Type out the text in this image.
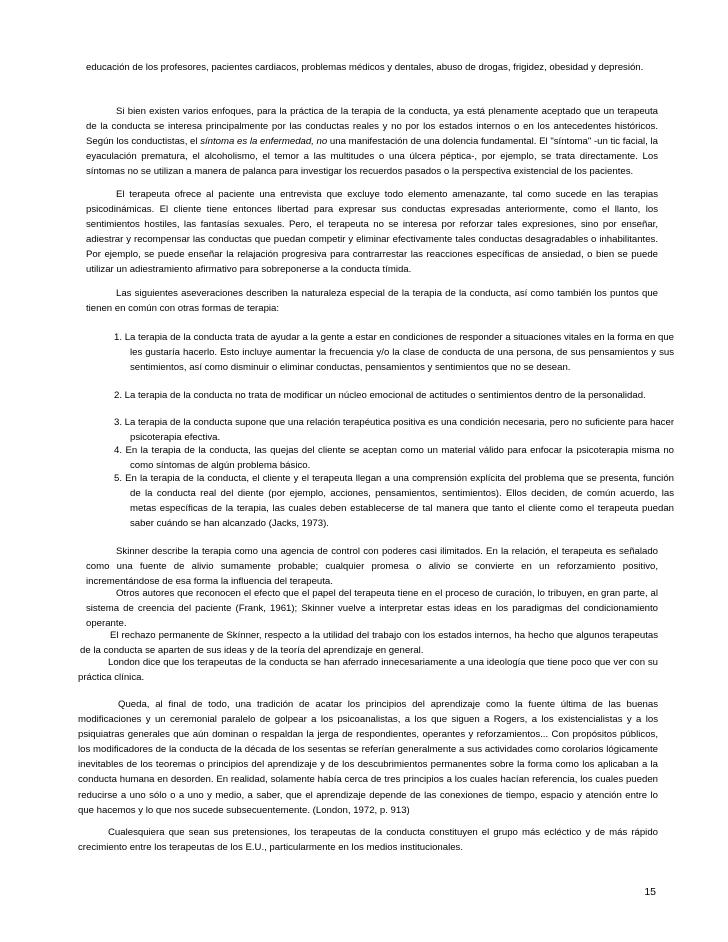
educación de los profesores, pacientes cardiacos, problemas médicos y dentales, abuso de drogas, frigidez, obesidad y depresión.

Si bien existen varios enfoques, para la práctica de la terapia de la conducta, ya está plenamente aceptado que un terapeuta de la conducta se interesa principalmente por las conductas reales y no por los estados internos o en los antecedentes históricos. Según los conductistas, el síntoma es la enfermedad, no una manifestación de una dolencia fundamental. El "síntoma" -un tic facial, la eyaculación prematura, el alcoholismo, el temor a las multitudes o una úlcera péptica-, por ejemplo, se trata directamente. Los síntomas no se utilizan a manera de palanca para investigar los recuerdos pasados o la perspectiva existencial de los pacientes.

El terapeuta ofrece al paciente una entrevista que excluye todo elemento amenazante, tal como sucede en las terapias psicodinámicas. El cliente tiene entonces libertad para expresar sus conductas expresadas anteriormente, como el llanto, los sentimientos hostiles, las fantasías sexuales. Pero, el terapeuta no se interesa por reforzar tales expresiones, sino por enseñar, adiestrar y recompensar las conductas que puedan competir y eliminar efectivamente tales conductas desagradables o inhabilitantes. Por ejemplo, se puede enseñar la relajación progresiva para contrarrestar las reacciones específicas de ansiedad, o bien se puede utilizar un adiestramiento afirmativo para sobreponerse a la conducta tímida.

Las siguientes aseveraciones describen la naturaleza especial de la terapia de la conducta, así como también los puntos que tienen en común con otras formas de terapia:

1. La terapia de la conducta trata de ayudar a la gente a estar en condiciones de responder a situaciones vitales en la forma en que les gustaría hacerlo. Esto incluye aumentar la frecuencia y/o la clase de conducta de una persona, de sus pensamientos y sus sentimientos, así como disminuir o eliminar conductas, pensamientos y sentimientos que no se desean.

2. La terapia de la conducta no trata de modificar un núcleo emocional de actitudes o sentimientos dentro de la personalidad.

3. La terapia de la conducta supone que una relación terapéutica positiva es una condición necesaria, pero no suficiente para hacer psicoterapia efectiva.

4. En la terapia de la conducta, las quejas del cliente se aceptan como un material válido para enfocar la psicoterapia misma no como síntomas de algún problema básico.

5. En la terapia de la conducta, el cliente y el terapeuta llegan a una comprensión explícita del problema que se presenta, función de la conducta real del diente (por ejemplo, acciones, pensamientos, sentimientos). Ellos deciden, de común acuerdo, las metas específicas de la terapia, las cuales deben establecerse de tal manera que tanto el cliente como el terapeuta puedan saber cuándo se han alcanzado (Jacks, 1973).

Skinner describe la terapia como una agencia de control con poderes casi ilimitados. En la relación, el terapeuta es señalado como una fuente de alivio sumamente probable; cualquier promesa o alivio se convierte en un reforzamiento positivo, incrementándose de esa forma la influencia del terapeuta.

Otros autores que reconocen el efecto que el papel del terapeuta tiene en el proceso de curación, lo tribuyen, en gran parte, al sistema de creencia del paciente (Frank, 1961); Skinner vuelve a interpretar estas ideas en los paradigmas del condicionamiento operante.

El rechazo permanente de Skínner, respecto a la utilidad del trabajo con los estados internos, ha hecho que algunos terapeutas de la conducta se aparten de sus ideas y de la teoría del aprendizaje en general.

London dice que los terapeutas de la conducta se han aferrado innecesariamente a una ideología que tiene poco que ver con su práctica clínica.

Queda, al final de todo, una tradición de acatar los principios del aprendizaje como la fuente última de las buenas modificaciones y un ceremonial paralelo de golpear a los psicoanalistas, a los que siguen a Rogers, a los existencialistas y a los psiquiatras generales que aún dominan o respaldan la jerga de respondientes, operantes y reforzamientos... Con propósitos públicos, los modificadores de la conducta de la década de los sesentas se referían generalmente a sus actividades como corolarios lógicamente inevitables de los teoremas o principios del aprendizaje y de los descubrimientos permanentes sobre la forma como los aplicaban a la conducta humana en desorden. En realidad, solamente había cerca de tres principios a los cuales hacían referencia, los cuales pueden reducirse a uno sólo o a uno y medio, a saber, que el aprendizaje depende de las conexiones de tiempo, espacio y atención entre lo que hacemos y lo que nos sucede subsecuentemente. (London, 1972, p. 913)

Cualesquiera que sean sus pretensiones, los terapeutas de la conducta constituyen el grupo más ecléctico y de más rápido crecimiento entre los terapeutas de los E.U., particularmente en los medios institucionales.

15
